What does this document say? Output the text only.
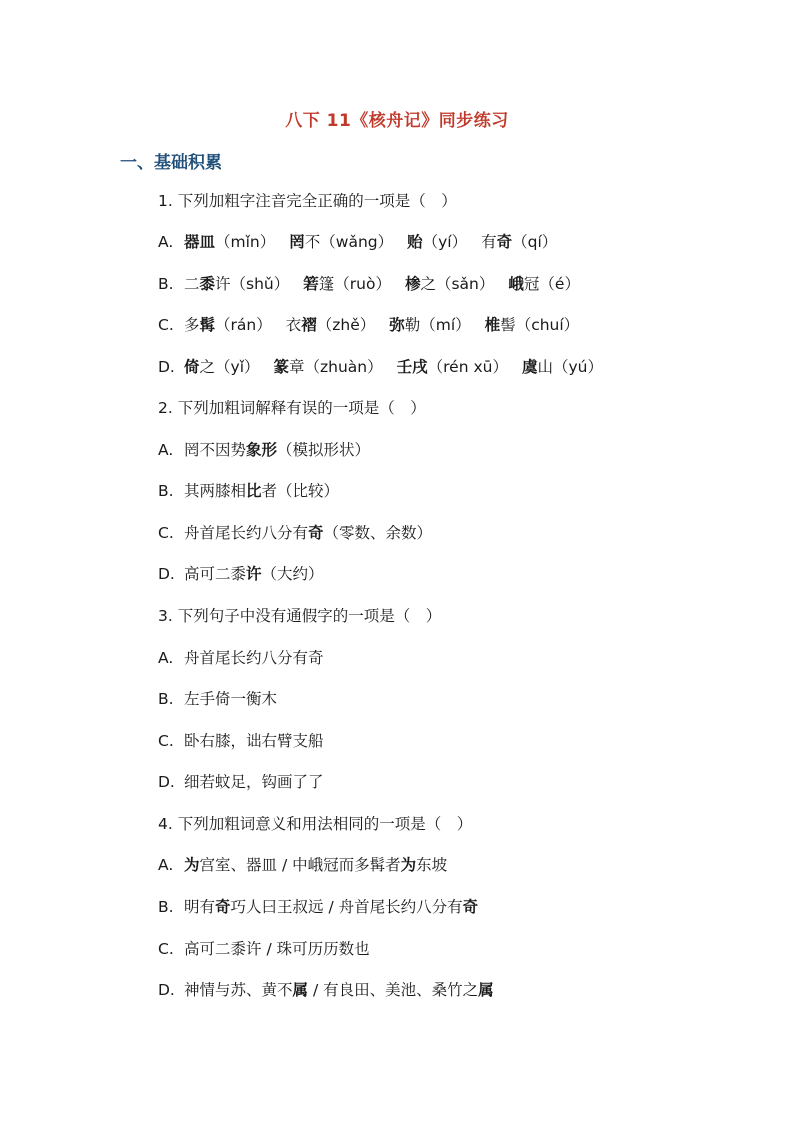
八下 11《核舟记》同步练习
一、基础积累
1. 下列加粗字注音完全正确的一项是（　）
A. 器皿（mǐn） 罔不（wǎng） 贻（yí） 有奇（qí）
B. 二黍许（shǔ） 箬篷（ruò） 椮之（sǎn） 峨冠（é）
C. 多髯（rán） 衣褶（zhě） 弥勒（mí） 椎髻（chuí）
D. 倚之（yǐ） 篆章（zhuàn） 壬戌（rén xū） 虞山（yú）
2. 下列加粗词解释有误的一项是（　）
A. 罔不因势象形（模拟形状）
B. 其两膝相比者（比较）
C. 舟首尾长约八分有奇（零数、余数）
D. 高可二黍许（大约）
3. 下列句子中没有通假字的一项是（　）
A. 舟首尾长约八分有奇
B. 左手倚一衡木
C. 卧右膝，诎右臂支船
D. 细若蚊足，钩画了了
4. 下列加粗词意义和用法相同的一项是（　）
A. 为宫室、器皿 / 中峨冠而多髯者为东坡
B. 明有奇巧人曰王叔远 / 舟首尾长约八分有奇
C. 高可二黍许 / 珠可历历数也
D. 神情与苏、黄不属 / 有良田、美池、桑竹之属
